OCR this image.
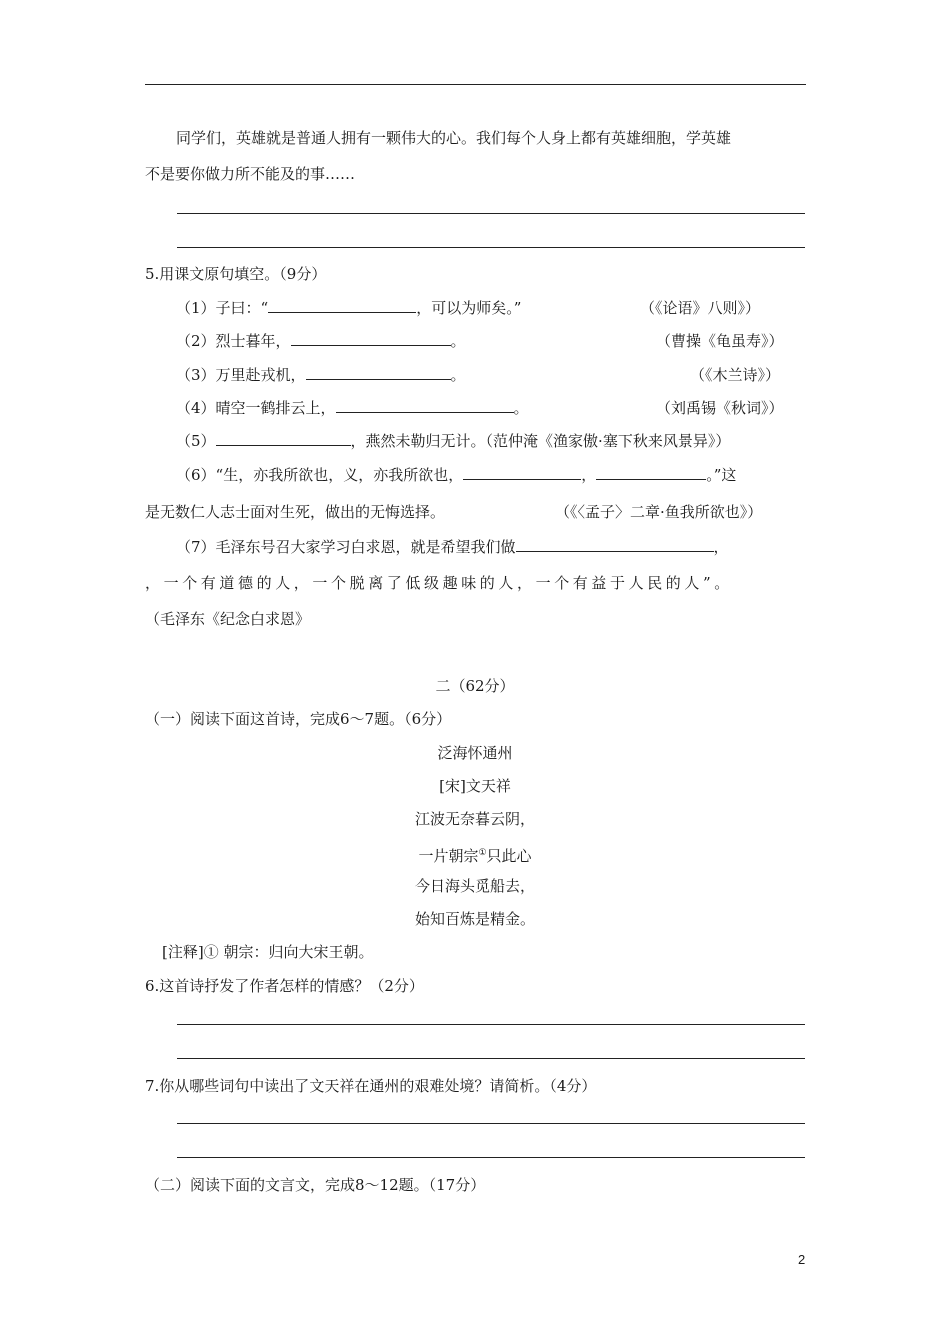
同学们，英雄就是普通人拥有一颗伟大的心。我们每个人身上都有英雄细胞，学英雄
不是要你做力所不能及的事……
5.用课文原句填空。（9分）
（1）子曰：“	，可以为师矣。”	（《论语》八则》）
（2）烈士暮年，	。	（曹操《龟虽寿》）
（3）万里赴戎机，	。	（《木兰诗》）
（4）晴空一鹤排云上，	。	（刘禹锡《秋词》）
（5）	，燕然未勒归无计。（范仲淹《渔家傲·塞下秋来风景异》）
（6）“生，亦我所欲也，义，亦我所欲也，	，	。”这
是无数仁人志士面对生死，做出的无悔选择。	（《〈孟子〉二章·鱼我所欲也》）
（7）毛泽东号召大家学习白求恩，就是希望我们做	，
，一个有道德的人，一个脱离了低级趣味的人，一个有益于人民的人”。
（毛泽东《纪念白求恩》
二（62分）
（一）阅读下面这首诗，完成6～7题。（6分）
泛海怀通州
[宋]文天祥
江波无奈暮云阴，
一片朝宗①只此心
今日海头觅船去，
始知百炼是精金。
[注释]① 朝宗：归向大宋王朝。
6.这首诗抒发了作者怎样的情感？（2分）
7.你从哪些词句中读出了文天祥在通州的艰难处境？请简析。（4分）
（二）阅读下面的文言文，完成8～12题。（17分）
2
